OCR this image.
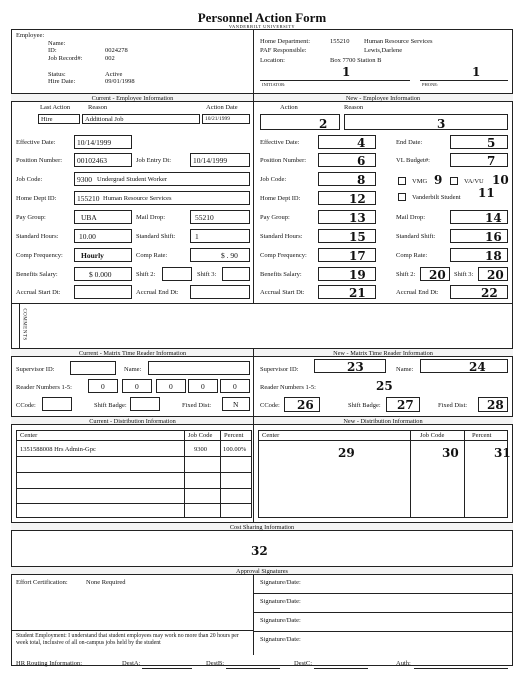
Personnel Action Form
VANDERBILT UNIVERSITY
Employee:
Name:
ID:	0024278
Job Record#:	002
Status:	Active
Hire Date:	09/01/1998
Home Department:	155210 Human Resource Services
PAF Responsible:	Lewis,Darlene
Location:	Box 7700 Station B
1	1
INITIATOR:	PHONE:
Current - Employee Information	New - Employee Information
Last Action	Reason	Action Date
Hire	Additional Job	10/21/1999
Effective Date:	10/14/1999
Position Number: 00102463	Job Entry Dt:	10/14/1999
Job Code:	9300 Undergrad Student Worker
Home Dept ID:	155210 Human Resource Services
Pay Group:	UBA	Mail Drop:	55210
Standard Hours:	10.00	Standard Shift:	1
Comp Frequency: Hourly	Comp Rate:	$ . 90
Benefits Salary:	$ 0.000	Shift 2:	Shift 3:
Accrual Start Dt:	Accrual End Dt:
Action	Reason
2	3
Effective Date:	4	End Date:	5
Position Number:	6	VL Budget#:	7
Job Code:	8	VMG 9	VA/VU 10
Home Dept ID:	12	Vanderbilt Student 11
Pay Group:	13	Mail Drop:	14
Standard Hours:	15	Standard Shift:	16
Comp Frequency:	17	Comp Rate:	18
Benefits Salary:	19	Shift 2: 20 Shift 3: 20
Accrual Start Dt:	21	Accrual End Dt:	22
COMMENTS
Current - Matrix Time Reader Information	New - Matrix Time Reader Information
Supervisor ID:	Name:
Reader Numbers 1-5:	0	0	0	0	0
CCode:	Shift Badge:	Fixed Dist:	N
Supervisor ID:	23	Name:	24
Reader Numbers 1-5:	25
CCode: 26	Shift Badge: 27	Fixed Dist: 28
Current - Distribution Information	New - Distribution Information
Center	Job Code Percent
1351588008 Hrs Admin-Gpc	9300 100.00%
Center	Job Code	Percent
29	30	31
Cost Sharing Information
32
Approval Signatures
Effort Certification:	None Required
Student Employment: I understand that student employees may work no more than 20 hours per week total, inclusive of all on-campus jobs held by the student
Signature/Date:
Signature/Date:
Signature/Date:
Signature/Date:
HR Routing Information:	DestA:	DestB:	DestC:	Auth:
